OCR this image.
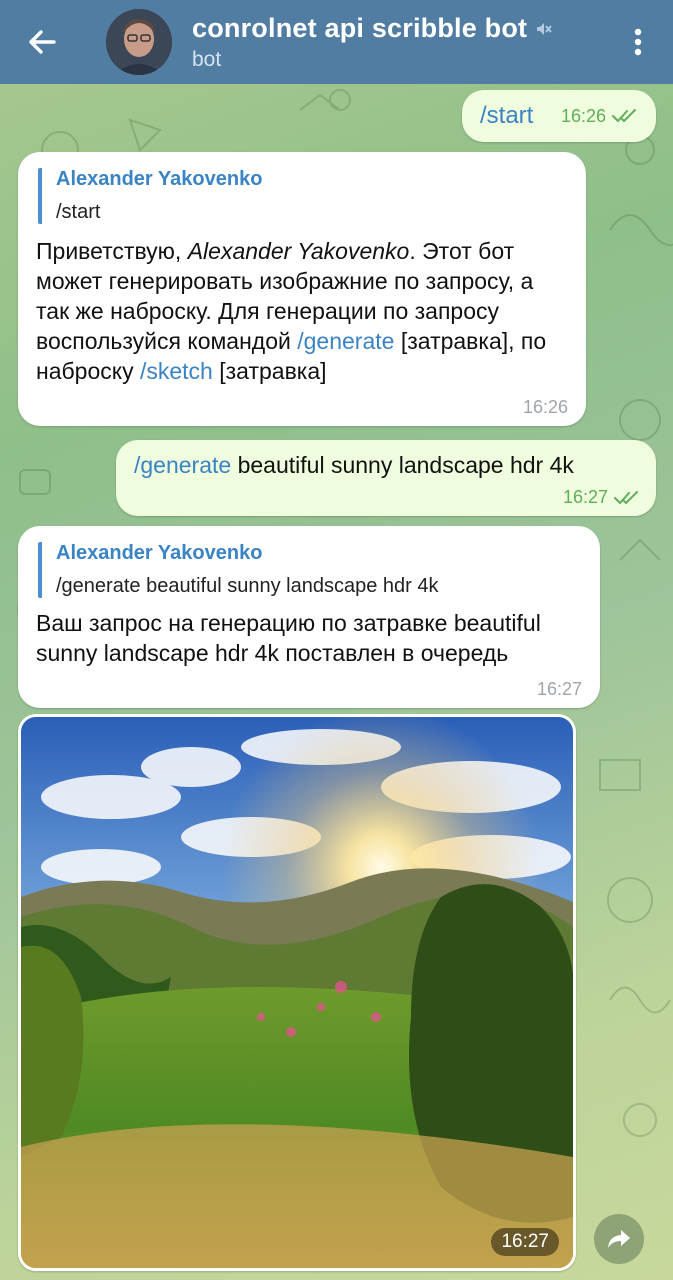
conrolnet api scribble bot
bot
/start 16:26
Alexander Yakovenko
/start
Приветствую, Alexander Yakovenko. Этот бот может генерировать изображние по запросу, а так же наброску. Для генерации по запросу воспользуйся командой /generate [затравка], по наброску /sketch [затравка]
16:26
/generate beautiful sunny landscape hdr 4k
16:27
Alexander Yakovenko
/generate beautiful sunny landscape hdr 4k
Ваш запрос на генерацию по затравке beautiful sunny landscape hdr 4k поставлен в очередь
16:27
16:27
